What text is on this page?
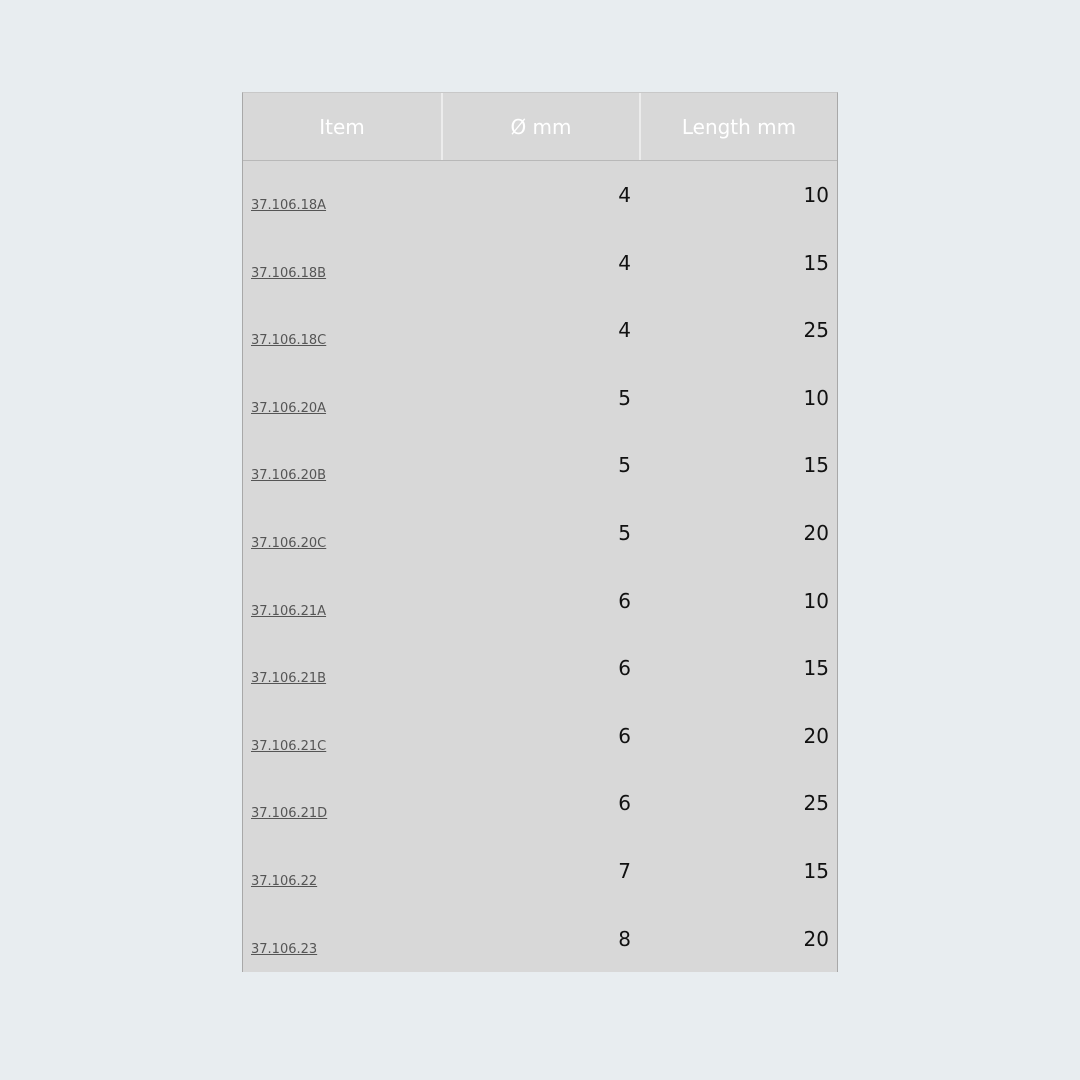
Item	Ø mm	Length mm
37.106.18A	4	10
37.106.18B	4	15
37.106.18C	4	25
37.106.20A	5	10
37.106.20B	5	15
37.106.20C	5	20
37.106.21A	6	10
37.106.21B	6	15
37.106.21C	6	20
37.106.21D	6	25
37.106.22	7	15
37.106.23	8	20
